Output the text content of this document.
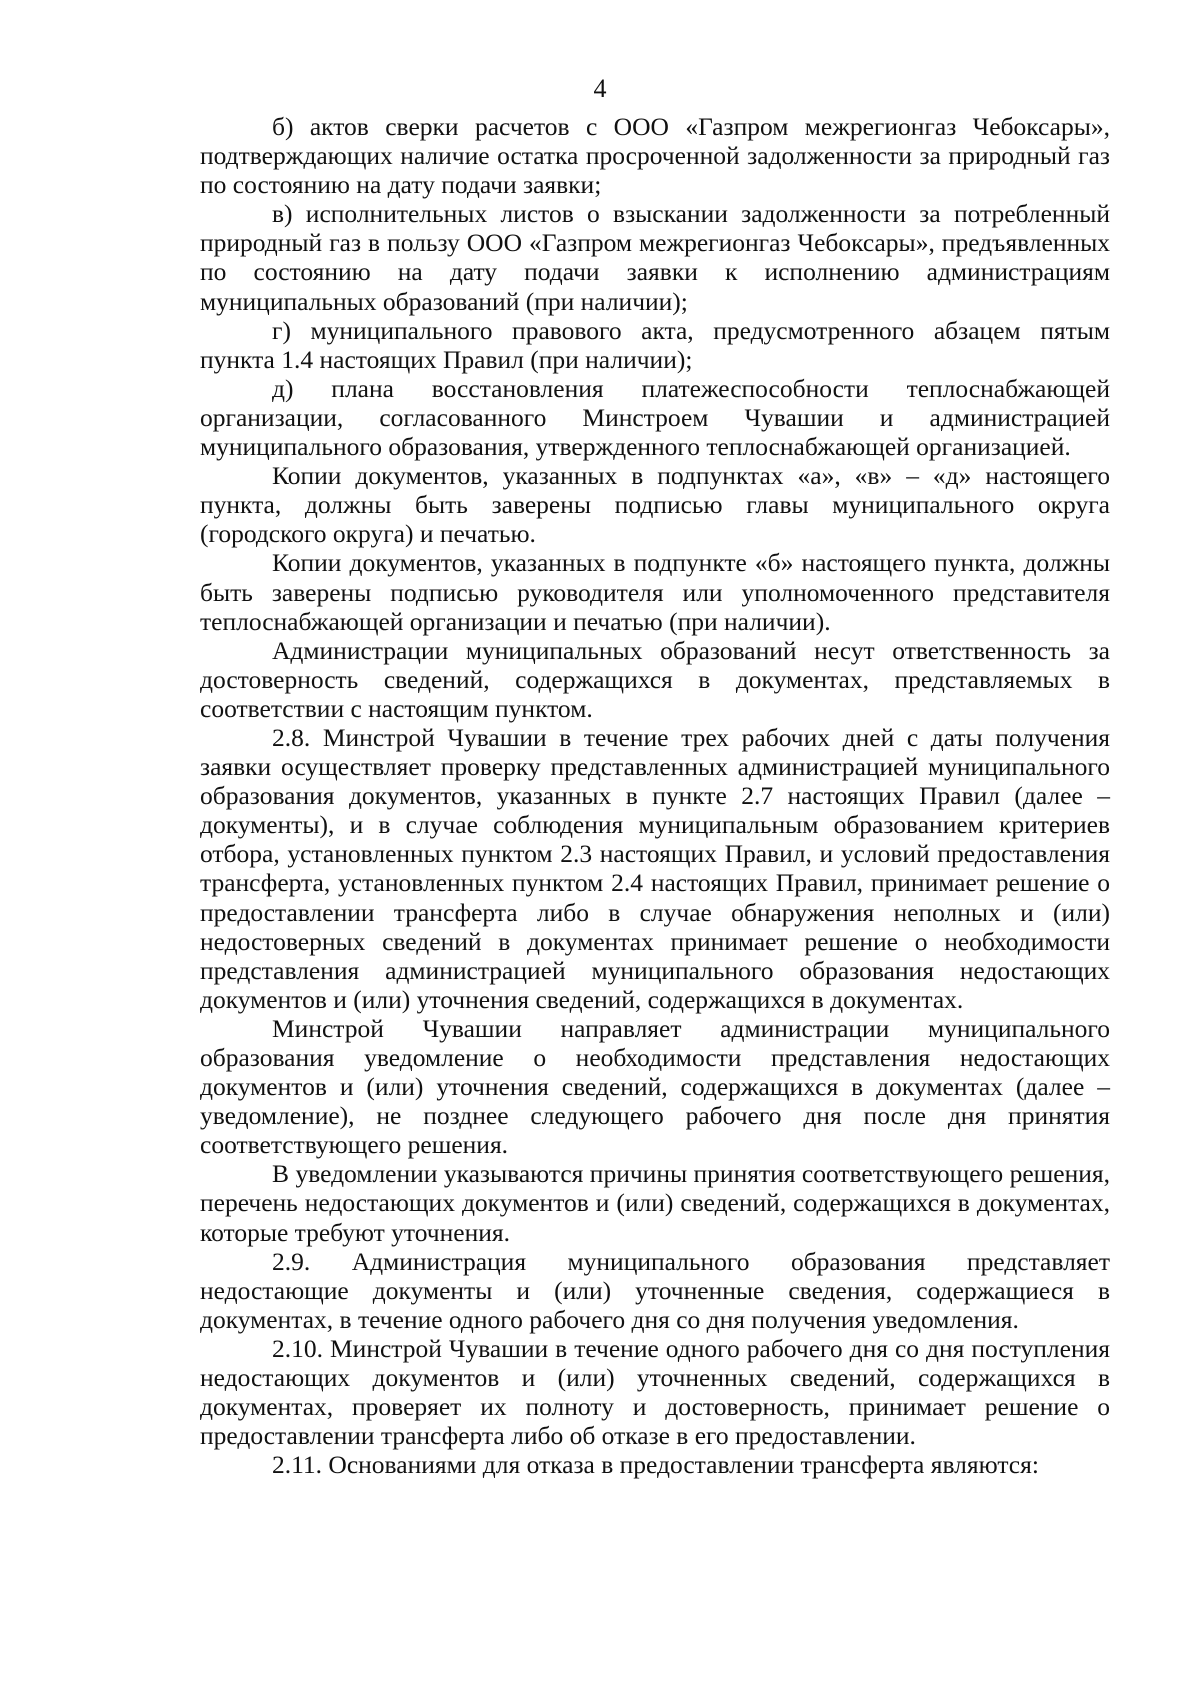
4

б) актов сверки расчетов с ООО «Газпром межрегионгаз Чебоксары», подтверждающих наличие остатка просроченной задолженности за природный газ по состоянию на дату подачи заявки;

в) исполнительных листов о взыскании задолженности за потребленный природный газ в пользу ООО «Газпром межрегионгаз Чебоксары», предъявленных по состоянию на дату подачи заявки к исполнению администрациям муниципальных образований (при наличии);

г) муниципального правового акта, предусмотренного абзацем пятым пункта 1.4 настоящих Правил (при наличии);

д) плана восстановления платежеспособности теплоснабжающей организации, согласованного Минстроем Чувашии и администрацией муниципального образования, утвержденного теплоснабжающей организацией.

Копии документов, указанных в подпунктах «а», «в» – «д» настоящего пункта, должны быть заверены подписью главы муниципального округа (городского округа) и печатью.

Копии документов, указанных в подпункте «б» настоящего пункта, должны быть заверены подписью руководителя или уполномоченного представителя теплоснабжающей организации и печатью (при наличии).

Администрации муниципальных образований несут ответственность за достоверность сведений, содержащихся в документах, представляемых в соответствии с настоящим пунктом.

2.8. Минстрой Чувашии в течение трех рабочих дней с даты получения заявки осуществляет проверку представленных администрацией муниципального образования документов, указанных в пункте 2.7 настоящих Правил (далее – документы), и в случае соблюдения муниципальным образованием критериев отбора, установленных пунктом 2.3 настоящих Правил, и условий предоставления трансферта, установленных пунктом 2.4 настоящих Правил, принимает решение о предоставлении трансферта либо в случае обнаружения неполных и (или) недостоверных сведений в документах принимает решение о необходимости представления администрацией муниципального образования недостающих документов и (или) уточнения сведений, содержащихся в документах.

Минстрой Чувашии направляет администрации муниципального образования уведомление о необходимости представления недостающих документов и (или) уточнения сведений, содержащихся в документах (далее – уведомление), не позднее следующего рабочего дня после дня принятия соответствующего решения.

В уведомлении указываются причины принятия соответствующего решения, перечень недостающих документов и (или) сведений, содержащихся в документах, которые требуют уточнения.

2.9. Администрация муниципального образования представляет недостающие документы и (или) уточненные сведения, содержащиеся в документах, в течение одного рабочего дня со дня получения уведомления.

2.10. Минстрой Чувашии в течение одного рабочего дня со дня поступления недостающих документов и (или) уточненных сведений, содержащихся в документах, проверяет их полноту и достоверность, принимает решение о предоставлении трансферта либо об отказе в его предоставлении.

2.11. Основаниями для отказа в предоставлении трансферта являются:
